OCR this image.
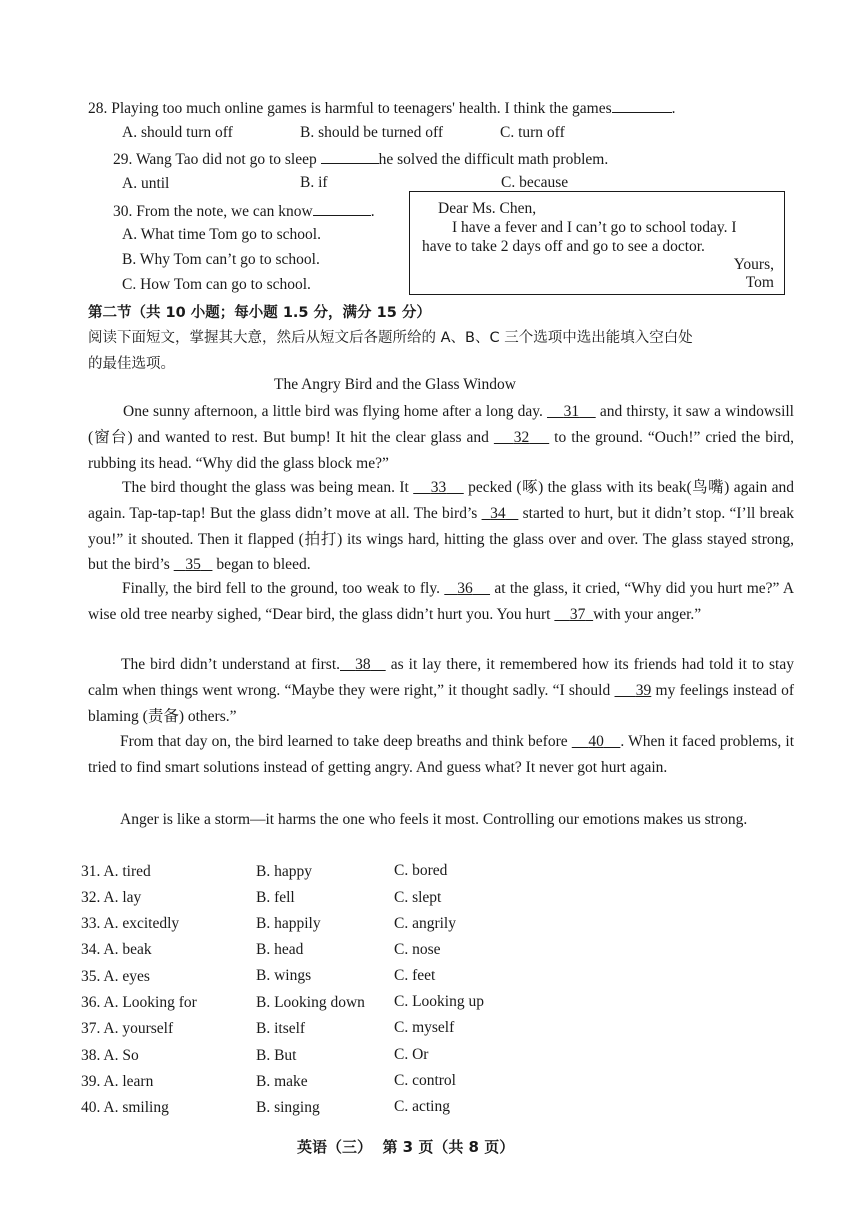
28. Playing too much online games is harmful to teenagers' health. I think the games	.
A. should turn off	B. should be turned off	C. turn off
29. Wang Tao did not go to sleep	he solved the difficult math problem.
A. until	B. if	C. because
30. From the note, we can know	.
A. What time Tom go to school.
B. Why Tom can’t go to school.
C. How Tom can go to school.
Dear Ms. Chen,
I have a fever and I can’t go to school today. I
have to take 2 days off and go to see a doctor.
Yours,
Tom
第二节（共 10 小题；每小题 1.5 分，满分 15 分）
阅读下面短文，掌握其大意，然后从短文后各题所给的 A、B、C 三个选项中选出能填入空白处
的最佳选项。
The Angry Bird and the Glass Window
One sunny afternoon, a little bird was flying home after a long day. 31 and thirsty, it saw a windowsill (窗台) and wanted to rest. But bump! It hit the clear glass and 32 to the ground. “Ouch!” cried the bird, rubbing its head. “Why did the glass block me?”
The bird thought the glass was being mean. It 33 pecked (啄) the glass with its beak(鸟嘴) again and again. Tap-tap-tap! But the glass didn’t move at all. The bird’s 34 started to hurt, but it didn’t stop. “I’ll break you!” it shouted. Then it flapped (拍打) its wings hard, hitting the glass over and over. The glass stayed strong, but the bird’s 35 began to bleed.
Finally, the bird fell to the ground, too weak to fly. 36 at the glass, it cried, “Why did you hurt me?” A wise old tree nearby sighed, “Dear bird, the glass didn’t hurt you. You hurt 37 with your anger.”
The bird didn’t understand at first. 38 as it lay there, it remembered how its friends had told it to stay calm when things went wrong. “Maybe they were right,” it thought sadly. “I should 39 my feelings instead of blaming (责备) others.”
From that day on, the bird learned to take deep breaths and think before 40 . When it faced problems, it tried to find smart solutions instead of getting angry. And guess what? It never got hurt again.
Anger is like a storm—it harms the one who feels it most. Controlling our emotions makes us strong.
31. A. tired	B. happy	C. bored
32. A. lay	B. fell	C. slept
33. A. excitedly	B. happily	C. angrily
34. A. beak	B. head	C. nose
35. A. eyes	B. wings	C. feet
36. A. Looking for	B. Looking down C. Looking up
37. A. yourself	B. itself	C. myself
38. A. So	B. But	C. Or
39. A. learn	B. make	C. control
40. A. smiling	B. singing	C. acting
英语（三）  第 3 页（共 8 页）
